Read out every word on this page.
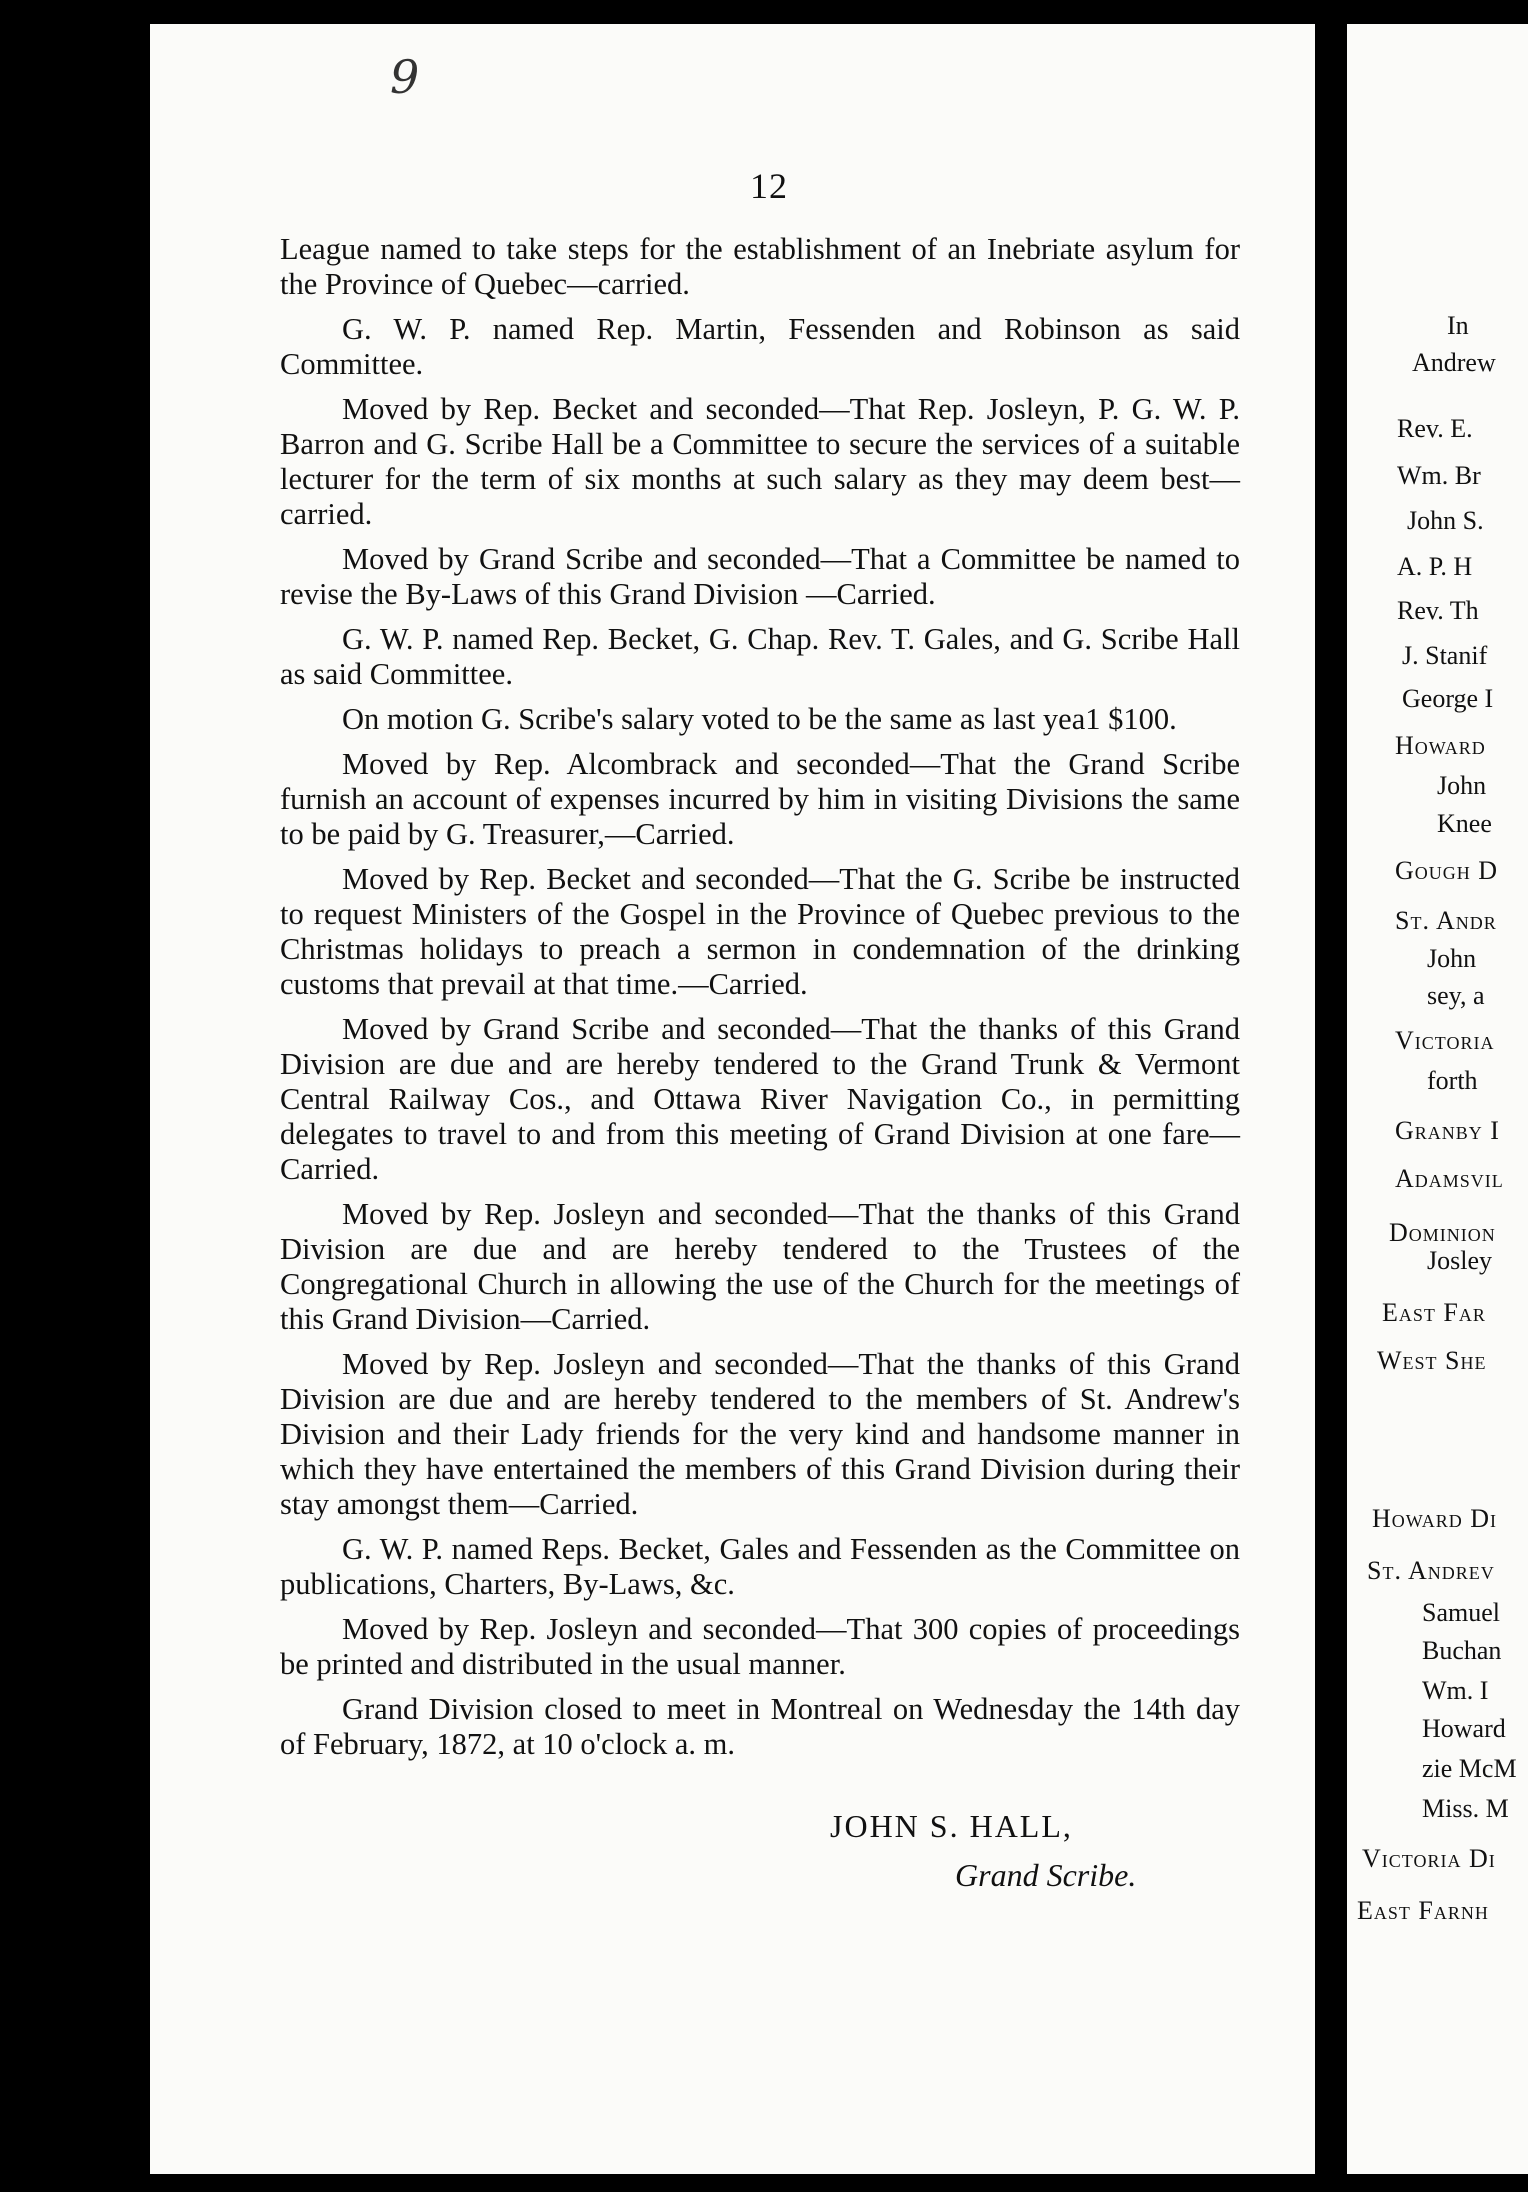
9
12

League named to take steps for the establishment of an Inebriate asylum for the Province of Quebec—carried.

G. W. P. named Rep. Martin, Fessenden and Robinson as said Committee.

Moved by Rep. Becket and seconded—That Rep. Josleyn, P. G. W. P. Barron and G. Scribe Hall be a Committee to secure the services of a suitable lecturer for the term of six months at such salary as they may deem best—carried.

Moved by Grand Scribe and seconded—That a Committee be named to revise the By-Laws of this Grand Division —Carried.

G. W. P. named Rep. Becket, G. Chap. Rev. T. Gales, and G. Scribe Hall as said Committee.

On motion G. Scribe's salary voted to be the same as last yea1 $100.

Moved by Rep. Alcombrack and seconded—That the Grand Scribe furnish an account of expenses incurred by him in visiting Divisions the same to be paid by G. Treasurer,—Carried.

Moved by Rep. Becket and seconded—That the G. Scribe be instructed to request Ministers of the Gospel in the Province of Quebec previous to the Christmas holidays to preach a sermon in condemnation of the drinking customs that prevail at that time.—Carried.

Moved by Grand Scribe and seconded—That the thanks of this Grand Division are due and are hereby tendered to the Grand Trunk & Vermont Central Railway Cos., and Ottawa River Navigation Co., in permitting delegates to travel to and from this meeting of Grand Division at one fare—Carried.

Moved by Rep. Josleyn and seconded—That the thanks of this Grand Division are due and are hereby tendered to the Trustees of the Congregational Church in allowing the use of the Church for the meetings of this Grand Division—Carried.

Moved by Rep. Josleyn and seconded—That the thanks of this Grand Division are due and are hereby tendered to the members of St. Andrew's Division and their Lady friends for the very kind and handsome manner in which they have entertained the members of this Grand Division during their stay amongst them—Carried.

G. W. P. named Reps. Becket, Gales and Fessenden as the Committee on publications, Charters, By-Laws, &c.

Moved by Rep. Josleyn and seconded—That 300 copies of proceedings be printed and distributed in the usual manner.

Grand Division closed to meet in Montreal on Wednesday the 14th day of February, 1872, at 10 o'clock a. m.

JOHN S. HALL,
Grand Scribe.
In
Andrew
Rev. E.
Wm. Br
John S.
A. P. H
Rev. Th
J. Stanif
George I
Howard
John
Knee
Gough D
St. Andr
John
sey, a
Victoria
forth
Granby I
Adamsvil
Dominion
Josley
East Far
West She
Howard Di
St. Andrev
Samuel
Buchan
Wm. I
Howard
zie McM
Miss. M
Victoria Di
East Farnh
